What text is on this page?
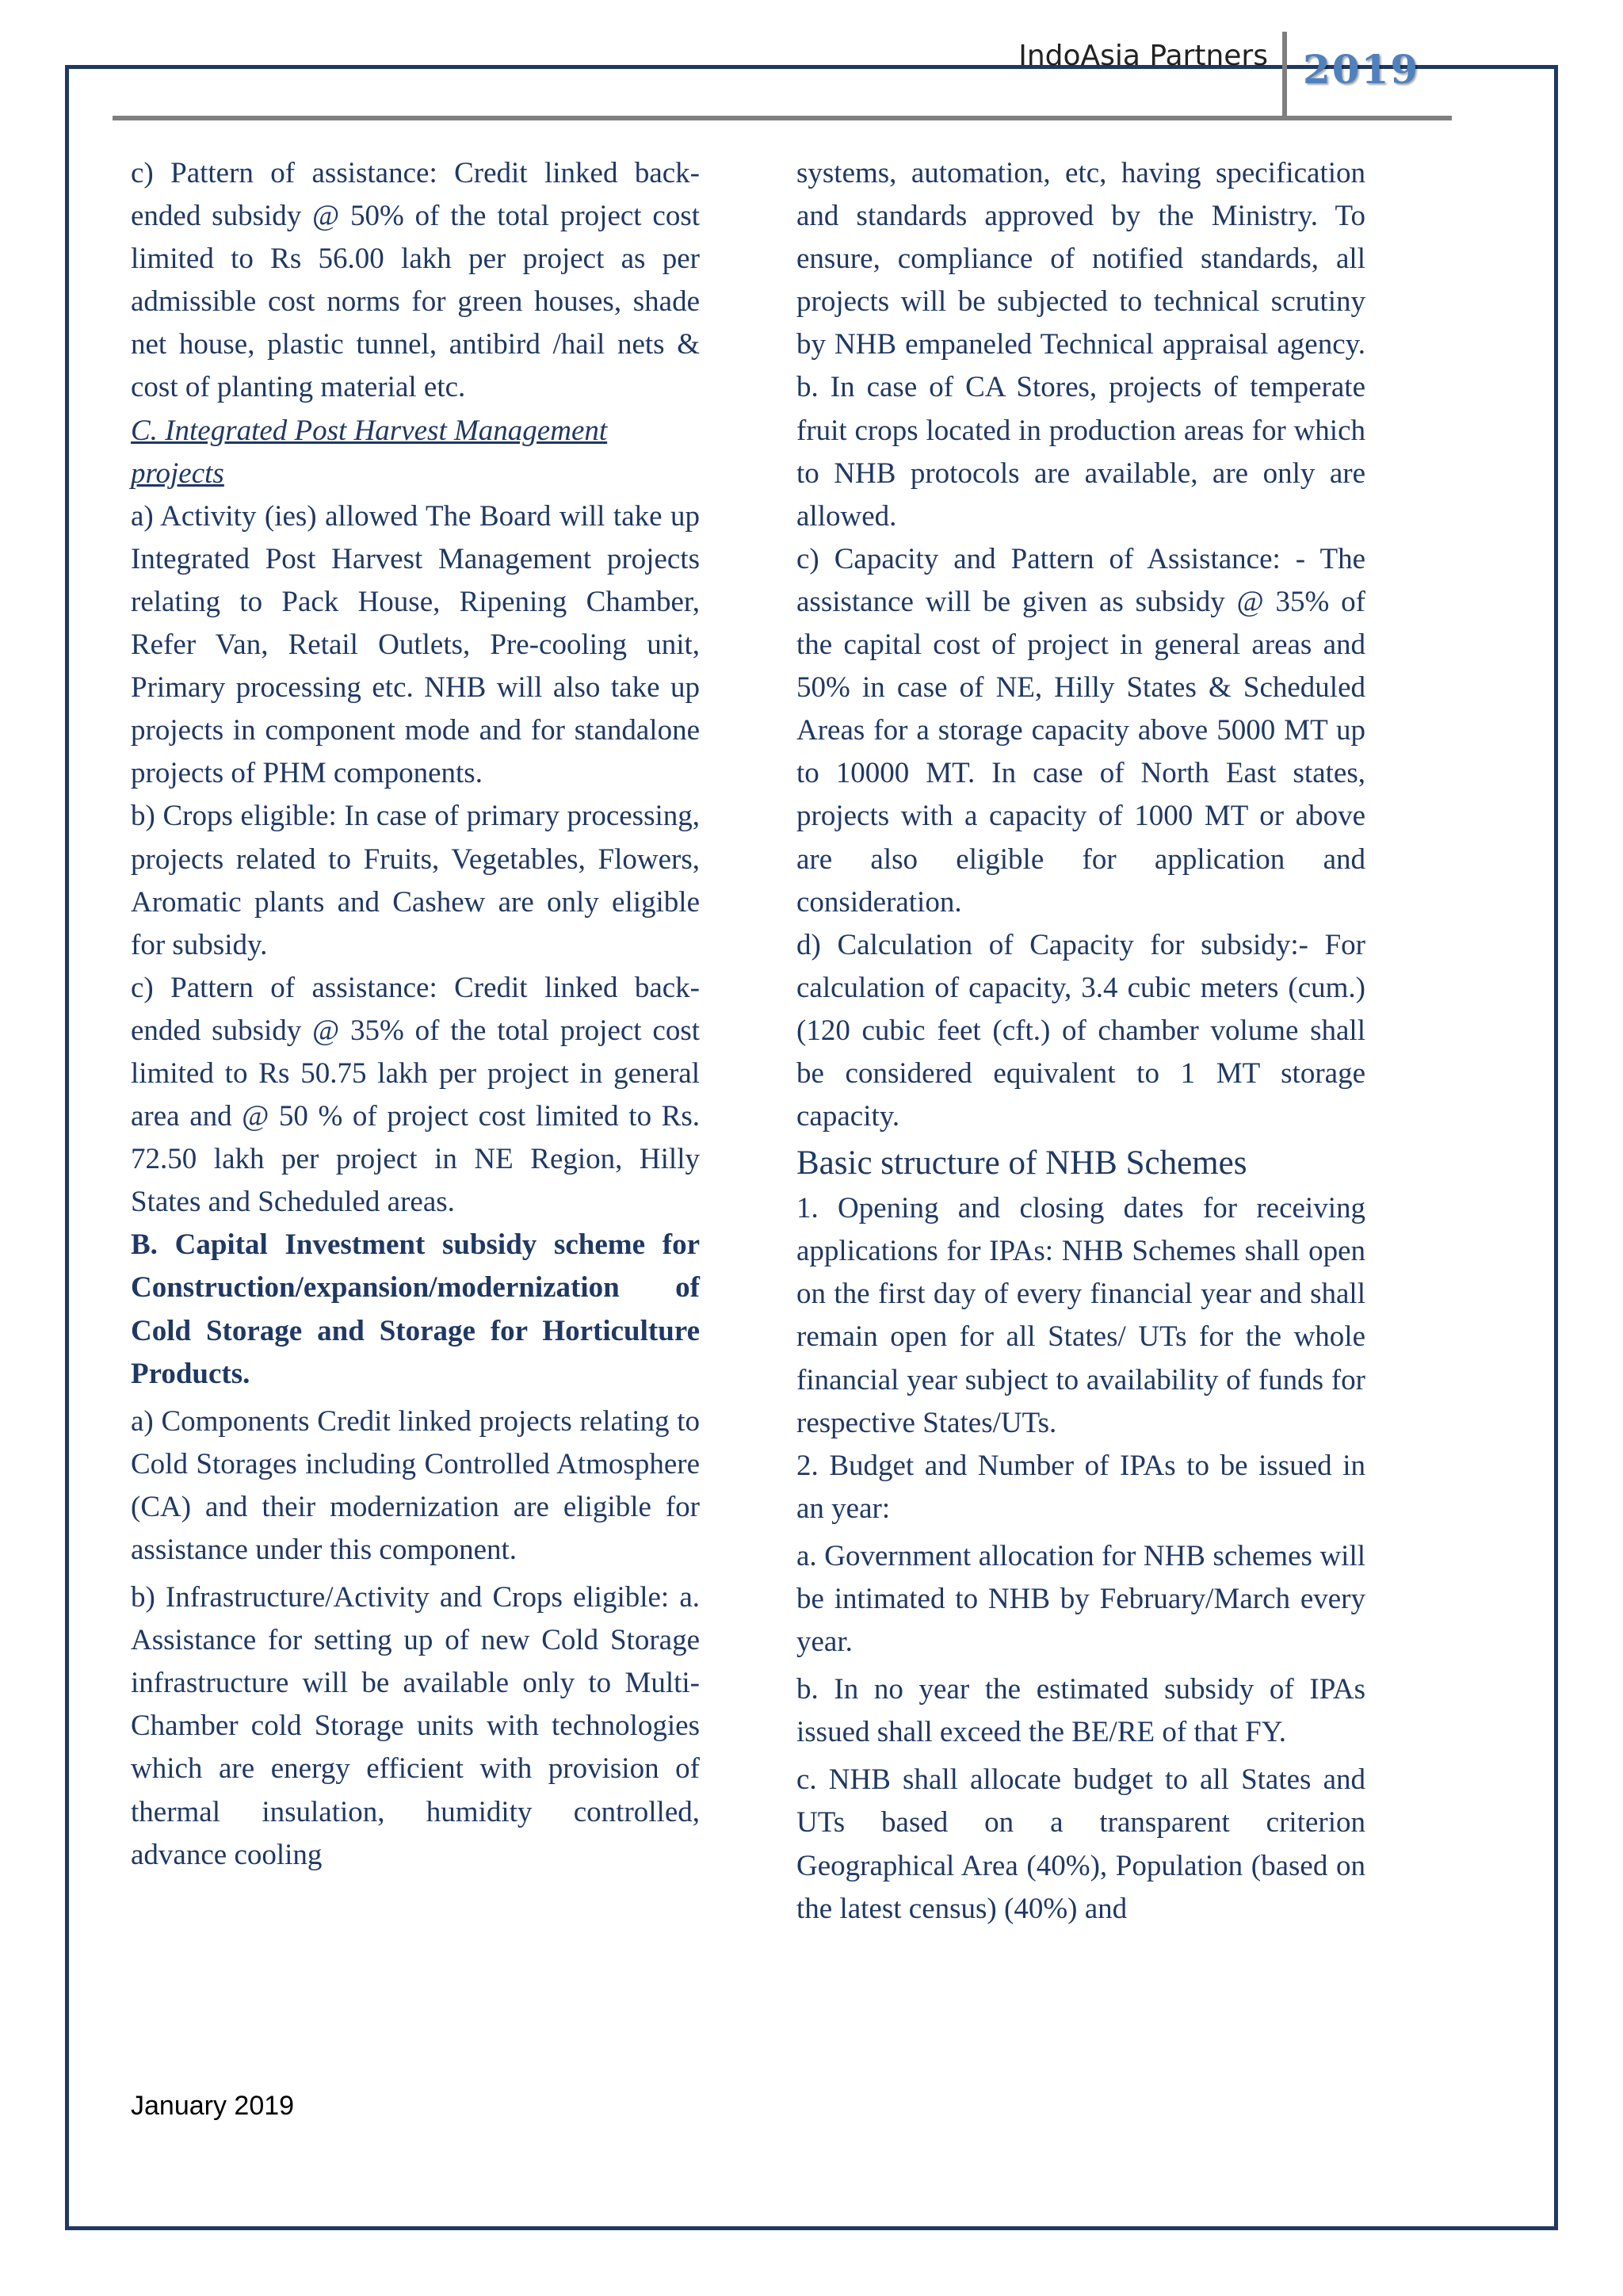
IndoAsia Partners 2019

c) Pattern of assistance: Credit linked back-ended subsidy @ 50% of the total project cost limited to Rs 56.00 lakh per project as per admissible cost norms for green houses, shade net house, plastic tunnel, antibird /hail nets & cost of planting material etc.

C. Integrated Post Harvest Management projects

a) Activity (ies) allowed The Board will take up Integrated Post Harvest Management projects relating to Pack House, Ripening Chamber, Refer Van, Retail Outlets, Pre-cooling unit, Primary processing etc. NHB will also take up projects in component mode and for standalone projects of PHM components.

b) Crops eligible: In case of primary processing, projects related to Fruits, Vegetables, Flowers, Aromatic plants and Cashew are only eligible for subsidy.

c) Pattern of assistance: Credit linked back-ended subsidy @ 35% of the total project cost limited to Rs 50.75 lakh per project in general area and @ 50 % of project cost limited to Rs. 72.50 lakh per project in NE Region, Hilly States and Scheduled areas.

B. Capital Investment subsidy scheme for Construction/expansion/modernization of Cold Storage and Storage for Horticulture Products.

a) Components Credit linked projects relating to Cold Storages including Controlled Atmosphere (CA) and their modernization are eligible for assistance under this component.

b) Infrastructure/Activity and Crops eligible: a. Assistance for setting up of new Cold Storage infrastructure will be available only to Multi-Chamber cold Storage units with technologies which are energy efficient with provision of thermal insulation, humidity controlled, advance cooling

systems, automation, etc, having specification and standards approved by the Ministry. To ensure, compliance of notified standards, all projects will be subjected to technical scrutiny by NHB empaneled Technical appraisal agency. b. In case of CA Stores, projects of temperate fruit crops located in production areas for which to NHB protocols are available, are only are allowed.

c) Capacity and Pattern of Assistance: - The assistance will be given as subsidy @ 35% of the capital cost of project in general areas and 50% in case of NE, Hilly States & Scheduled Areas for a storage capacity above 5000 MT up to 10000 MT. In case of North East states, projects with a capacity of 1000 MT or above are also eligible for application and consideration.

d) Calculation of Capacity for subsidy:- For calculation of capacity, 3.4 cubic meters (cum.) (120 cubic feet (cft.) of chamber volume shall be considered equivalent to 1 MT storage capacity.

Basic structure of NHB Schemes

1. Opening and closing dates for receiving applications for IPAs: NHB Schemes shall open on the first day of every financial year and shall remain open for all States/ UTs for the whole financial year subject to availability of funds for respective States/UTs.

2. Budget and Number of IPAs to be issued in an year:

a. Government allocation for NHB schemes will be intimated to NHB by February/March every year.

b. In no year the estimated subsidy of IPAs issued shall exceed the BE/RE of that FY.

c. NHB shall allocate budget to all States and UTs based on a transparent criterion Geographical Area (40%), Population (based on the latest census) (40%) and

January 2019
